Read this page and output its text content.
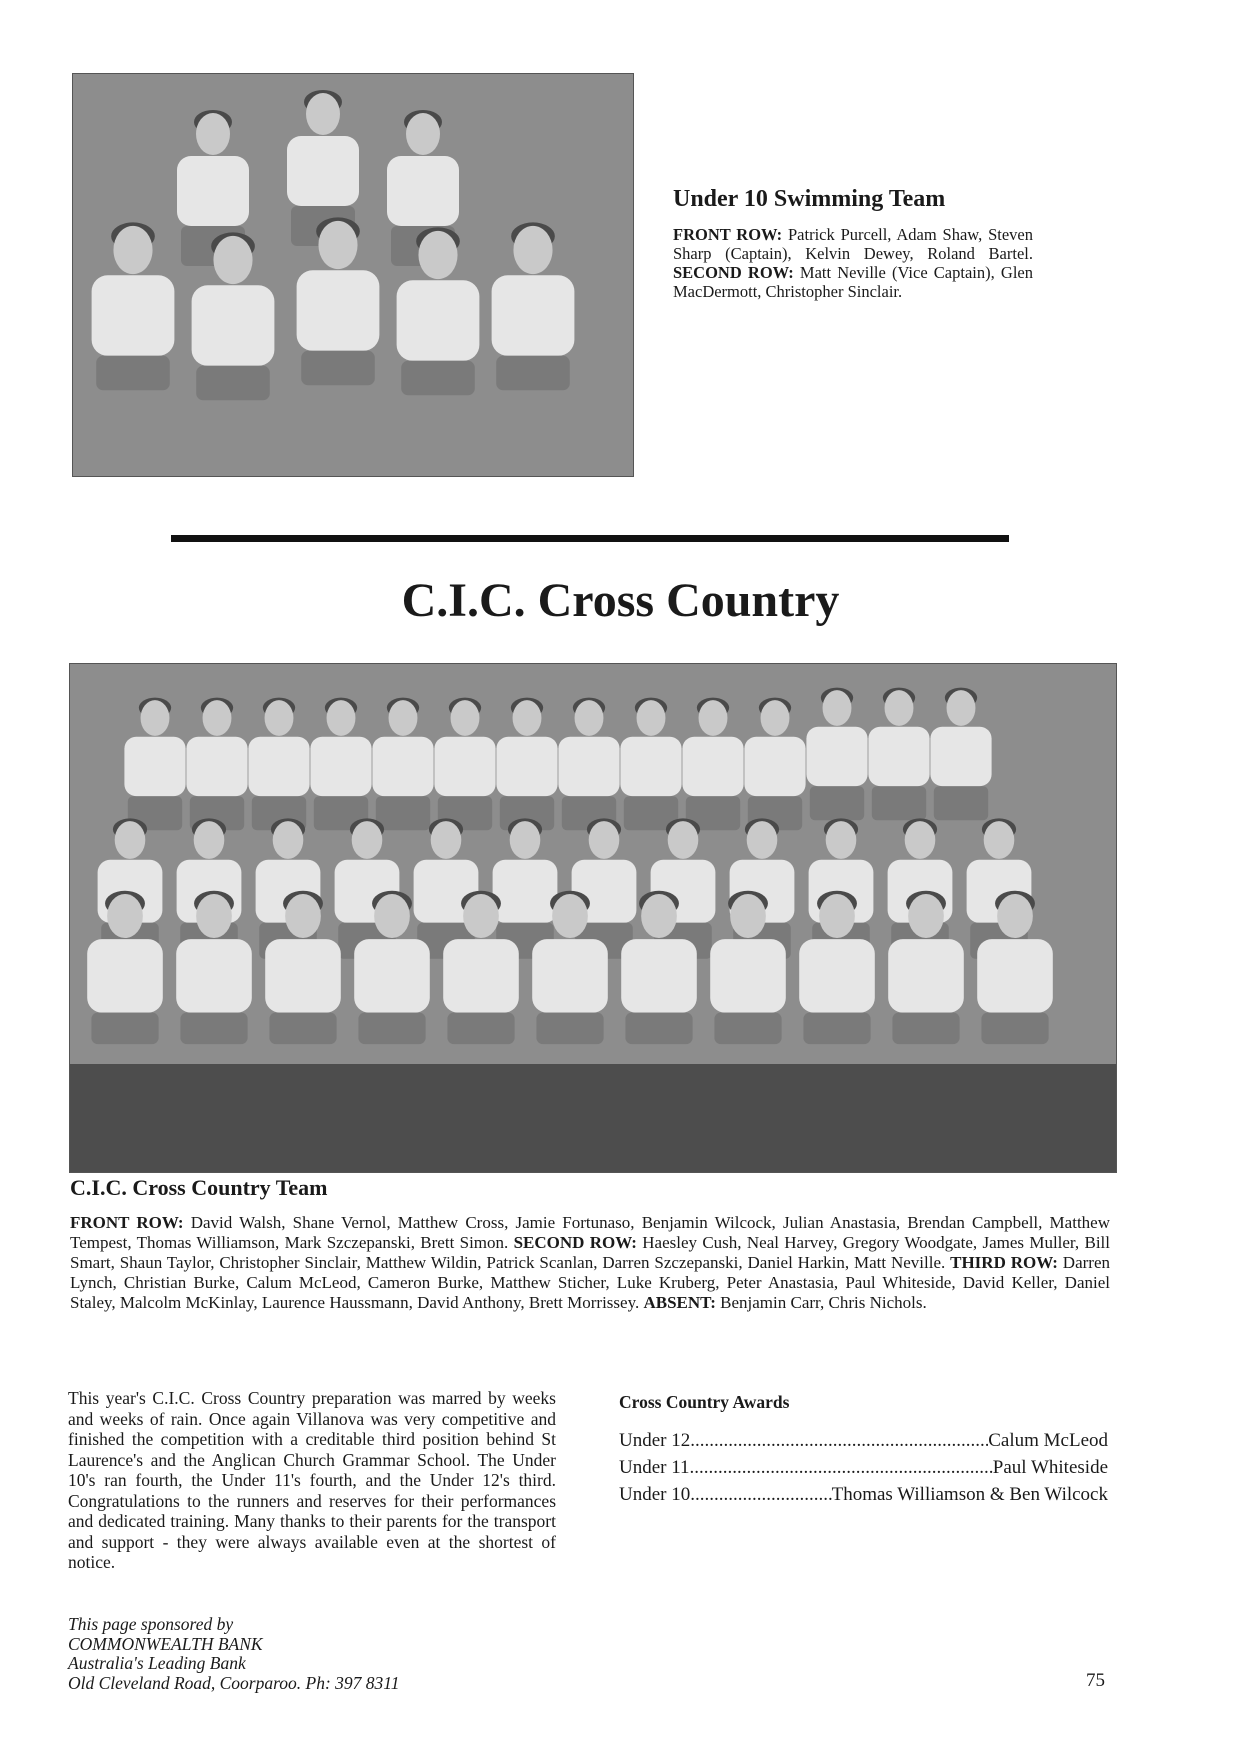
Under 10 Swimming Team

FRONT ROW: Patrick Purcell, Adam Shaw, Steven Sharp (Captain), Kelvin Dewey, Roland Bartel. SECOND ROW: Matt Neville (Vice Captain), Glen MacDermott, Christopher Sinclair.

C.I.C. Cross Country
C.I.C. Cross Country Team

FRONT ROW: David Walsh, Shane Vernol, Matthew Cross, Jamie Fortunaso, Benjamin Wilcock, Julian Anastasia, Brendan Campbell, Matthew Tempest, Thomas Williamson, Mark Szczepanski, Brett Simon. SECOND ROW: Haesley Cush, Neal Harvey, Gregory Woodgate, James Muller, Bill Smart, Shaun Taylor, Christopher Sinclair, Matthew Wildin, Patrick Scanlan, Darren Szczepanski, Daniel Harkin, Matt Neville. THIRD ROW: Darren Lynch, Christian Burke, Calum McLeod, Cameron Burke, Matthew Sticher, Luke Kruberg, Peter Anastasia, Paul Whiteside, David Keller, Daniel Staley, Malcolm McKinlay, Laurence Haussmann, David Anthony, Brett Morrissey. ABSENT: Benjamin Carr, Chris Nichols.

This year's C.I.C. Cross Country preparation was marred by weeks and weeks of rain. Once again Villanova was very competitive and finished the competition with a creditable third position behind St Laurence's and the Anglican Church Grammar School. The Under 10's ran fourth, the Under 11's fourth, and the Under 12's third. Congratulations to the runners and reserves for their performances and dedicated training. Many thanks to their parents for the transport and support - they were always available even at the shortest of notice.

Cross Country Awards
Under 12 .....	Calum McLeod
Under 11 .....	Paul Whiteside
Under 10 .....	Thomas Williamson & Ben Wilcock
This page sponsored by
COMMONWEALTH BANK
Australia's Leading Bank
Old Cleveland Road, Coorparoo. Ph: 397 8311	75
